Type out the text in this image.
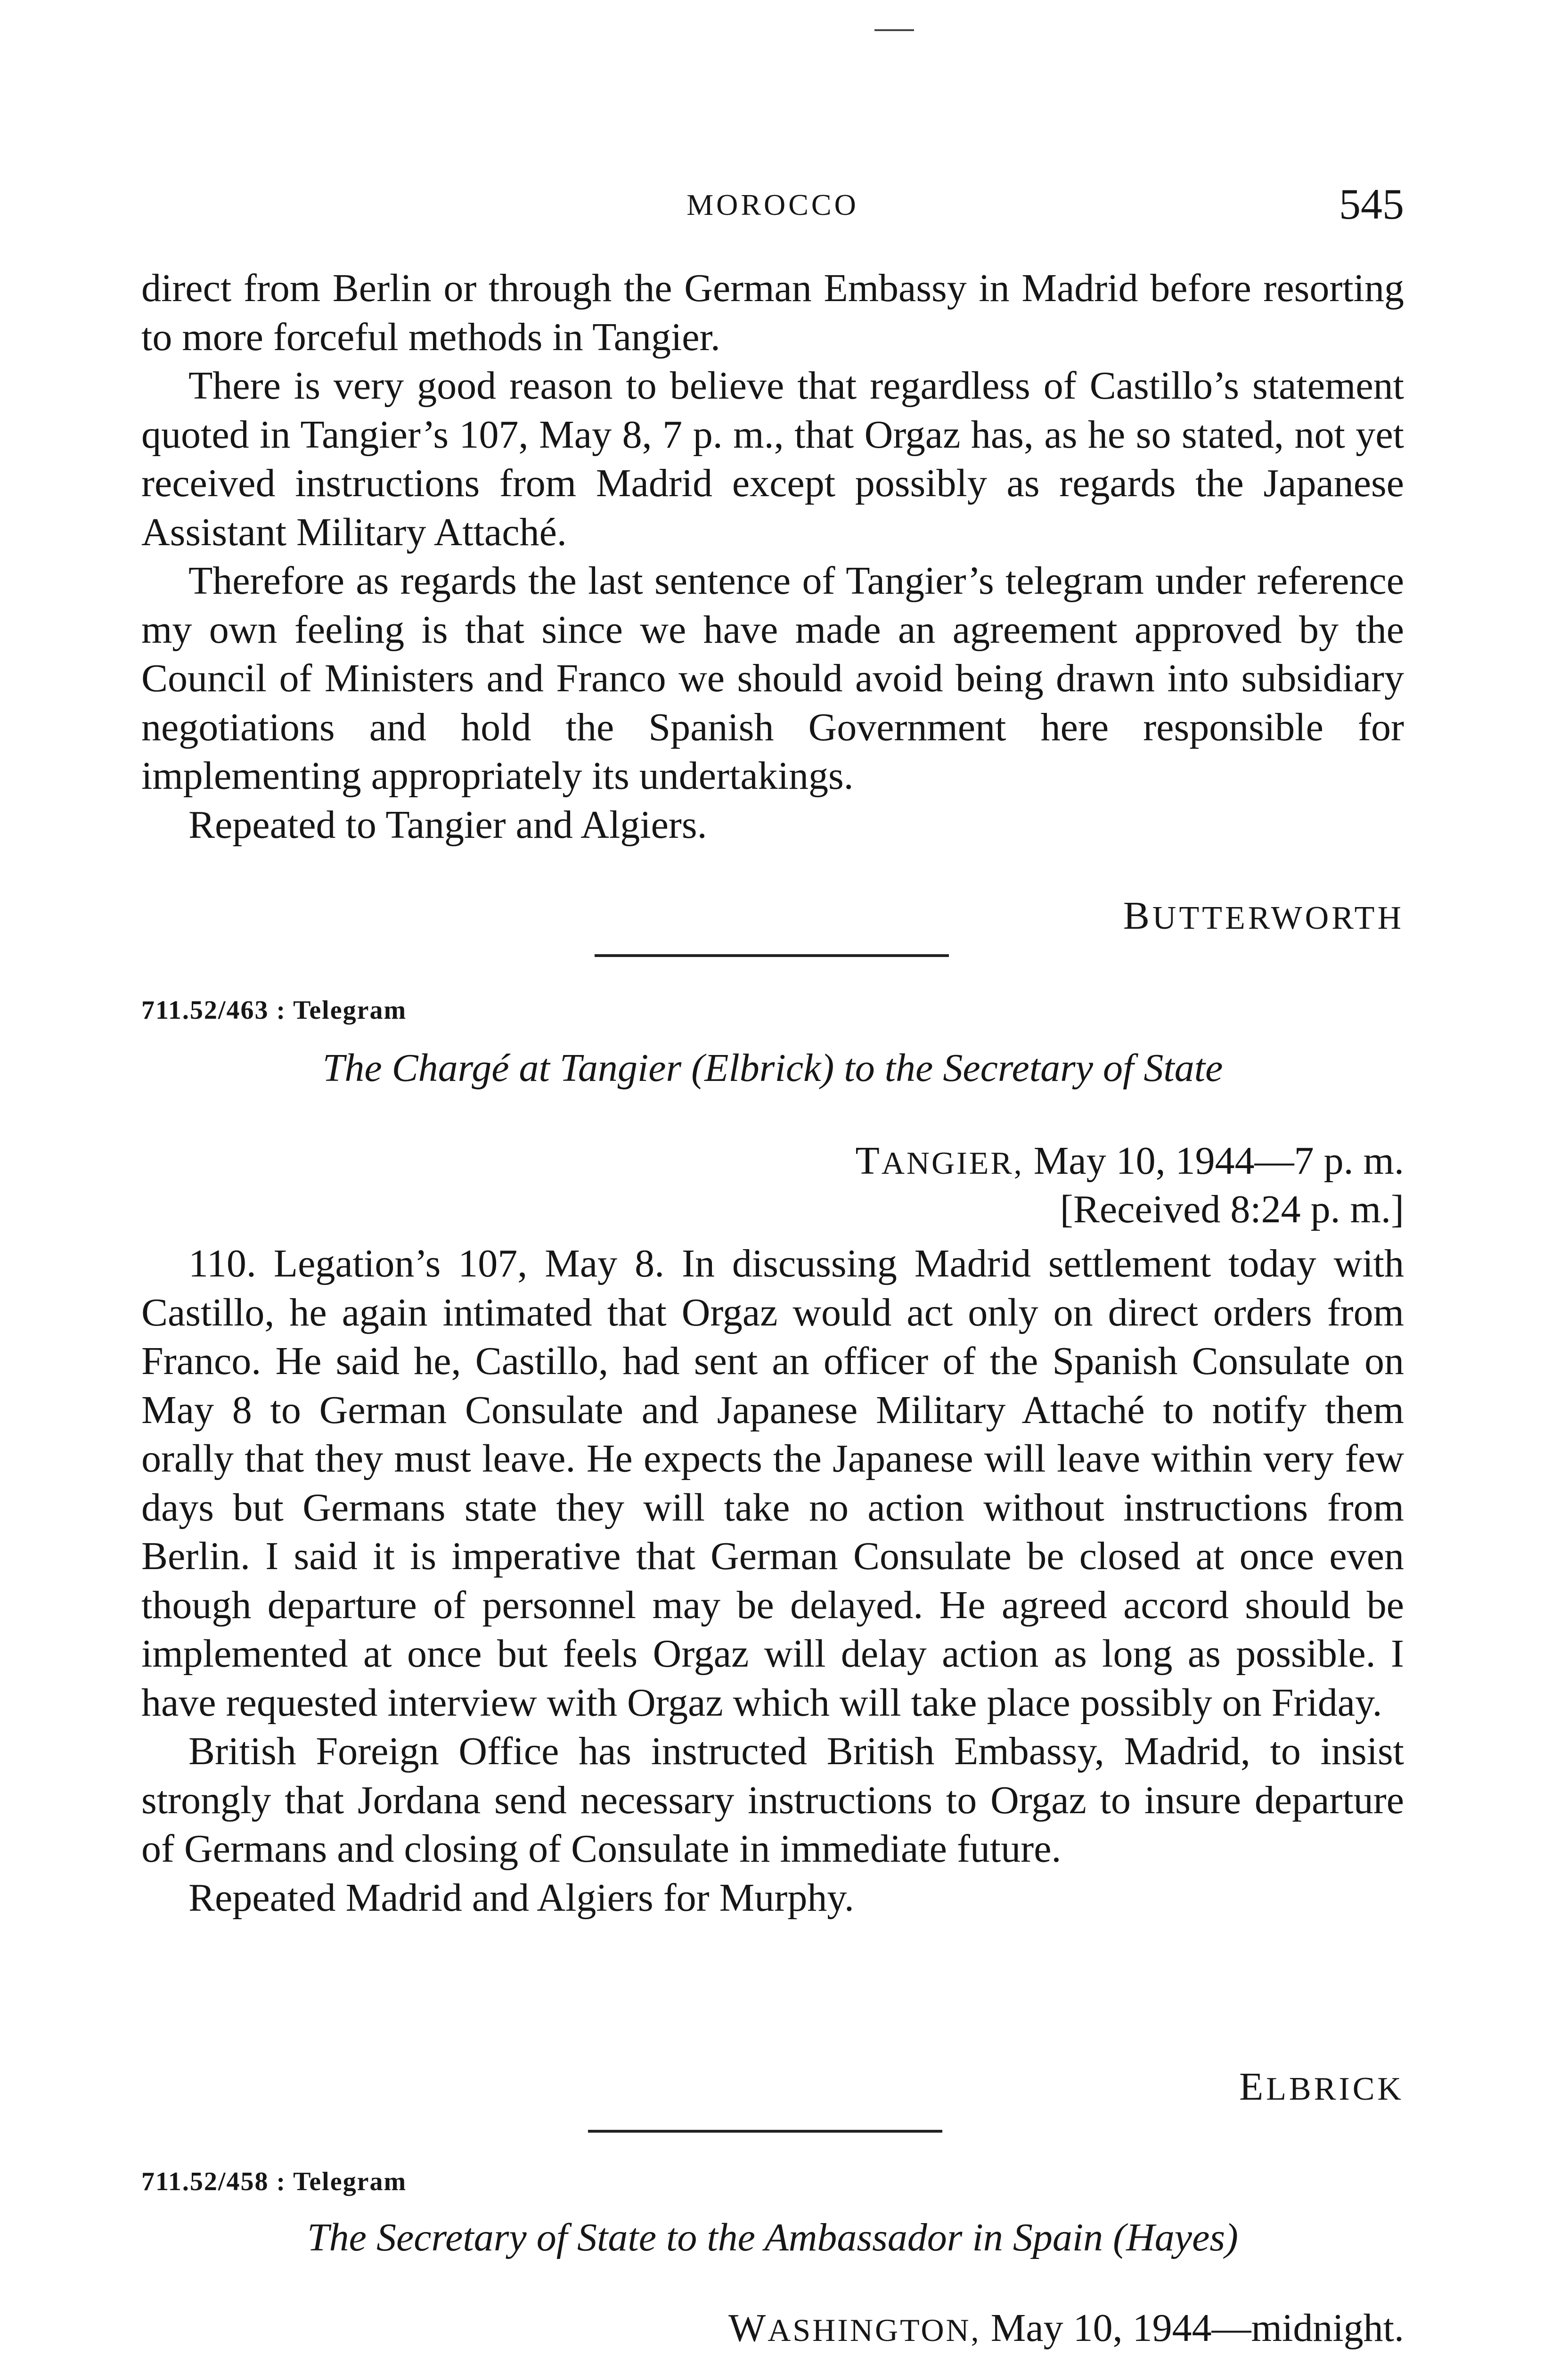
MOROCCO	545

direct from Berlin or through the German Embassy in Madrid before resorting to more forceful methods in Tangier.

There is very good reason to believe that regardless of Castillo’s statement quoted in Tangier’s 107, May 8, 7 p. m., that Orgaz has, as he so stated, not yet received instructions from Madrid except possibly as regards the Japanese Assistant Military Attaché.

Therefore as regards the last sentence of Tangier’s telegram under reference my own feeling is that since we have made an agreement approved by the Council of Ministers and Franco we should avoid being drawn into subsidiary negotiations and hold the Spanish Government here responsible for implementing appropriately its undertakings.

Repeated to Tangier and Algiers.

BUTTERWORTH
711.52/463 : Telegram
The Chargé at Tangier (Elbrick) to the Secretary of State
TANGIER, May 10, 1944—7 p. m.
[Received 8:24 p. m.]

110. Legation’s 107, May 8. In discussing Madrid settlement today with Castillo, he again intimated that Orgaz would act only on direct orders from Franco. He said he, Castillo, had sent an officer of the Spanish Consulate on May 8 to German Consulate and Japanese Military Attaché to notify them orally that they must leave. He expects the Japanese will leave within very few days but Germans state they will take no action without instructions from Berlin. I said it is imperative that German Consulate be closed at once even though departure of personnel may be delayed. He agreed accord should be implemented at once but feels Orgaz will delay action as long as possible. I have requested interview with Orgaz which will take place possibly on Friday.

British Foreign Office has instructed British Embassy, Madrid, to insist strongly that Jordana send necessary instructions to Orgaz to insure departure of Germans and closing of Consulate in immediate future.

Repeated Madrid and Algiers for Murphy.

ELBRICK
711.52/458 : Telegram
The Secretary of State to the Ambassador in Spain (Hayes)
WASHINGTON, May 10, 1944—midnight.
